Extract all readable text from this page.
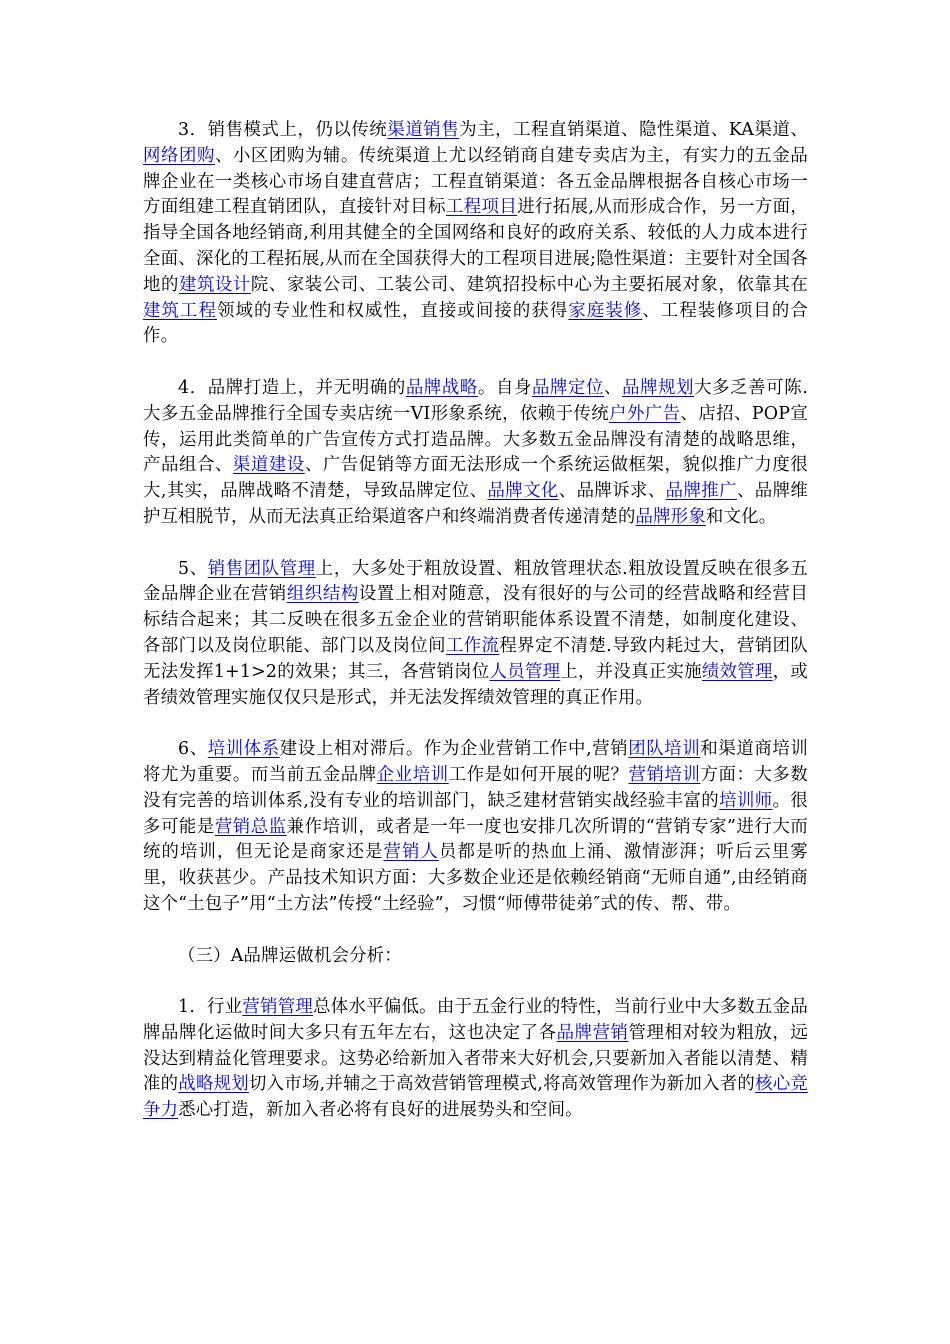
3．销售模式上，仍以传统渠道销售为主，工程直销渠道、隐性渠道、KA渠道、网络团购、小区团购为辅。传统渠道上尤以经销商自建专卖店为主，有实力的五金品牌企业在一类核心市场自建直营店；工程直销渠道：各五金品牌根据各自核心市场一方面组建工程直销团队，直接针对目标工程项目进行拓展,从而形成合作，另一方面，指导全国各地经销商,利用其健全的全国网络和良好的政府关系、较低的人力成本进行全面、深化的工程拓展,从而在全国获得大的工程项目进展;隐性渠道：主要针对全国各地的建筑设计院、家装公司、工装公司、建筑招投标中心为主要拓展对象，依靠其在建筑工程领域的专业性和权威性，直接或间接的获得家庭装修、工程装修项目的合作。

4．品牌打造上，并无明确的品牌战略。自身品牌定位、品牌规划大多乏善可陈.大多五金品牌推行全国专卖店统一VI形象系统，依赖于传统户外广告、店招、POP宣传，运用此类简单的广告宣传方式打造品牌。大多数五金品牌没有清楚的战略思维，产品组合、渠道建设、广告促销等方面无法形成一个系统运做框架，貌似推广力度很大,其实，品牌战略不清楚，导致品牌定位、品牌文化、品牌诉求、品牌推广、品牌维护互相脱节，从而无法真正给渠道客户和终端消费者传递清楚的品牌形象和文化。

5、销售团队管理上，大多处于粗放设置、粗放管理状态.粗放设置反映在很多五金品牌企业在营销组织结构设置上相对随意，没有很好的与公司的经营战略和经营目标结合起来；其二反映在很多五金企业的营销职能体系设置不清楚，如制度化建设、各部门以及岗位职能、部门以及岗位间工作流程界定不清楚.导致内耗过大，营销团队无法发挥1+1>2的效果；其三，各营销岗位人员管理上，并没真正实施绩效管理，或者绩效管理实施仅仅只是形式，并无法发挥绩效管理的真正作用。

6、培训体系建设上相对滞后。作为企业营销工作中,营销团队培训和渠道商培训将尤为重要。而当前五金品牌企业培训工作是如何开展的呢？营销培训方面：大多数没有完善的培训体系,没有专业的培训部门，缺乏建材营销实战经验丰富的培训师。很多可能是营销总监兼作培训，或者是一年一度也安排几次所谓的“营销专家”进行大而统的培训，但无论是商家还是营销人员都是听的热血上涌、激情澎湃；听后云里雾里，收获甚少。产品技术知识方面：大多数企业还是依赖经销商“无师自通”,由经销商这个“土包子”用“土方法”传授“土经验”，习惯“师傅带徒弟″式的传、帮、带。

（三）A品牌运做机会分析：

1．行业营销管理总体水平偏低。由于五金行业的特性，当前行业中大多数五金品牌品牌化运做时间大多只有五年左右，这也决定了各品牌营销管理相对较为粗放，远没达到精益化管理要求。这势必给新加入者带来大好机会,只要新加入者能以清楚、精准的战略规划切入市场,并辅之于高效营销管理模式,将高效管理作为新加入者的核心竞争力悉心打造，新加入者必将有良好的进展势头和空间。
